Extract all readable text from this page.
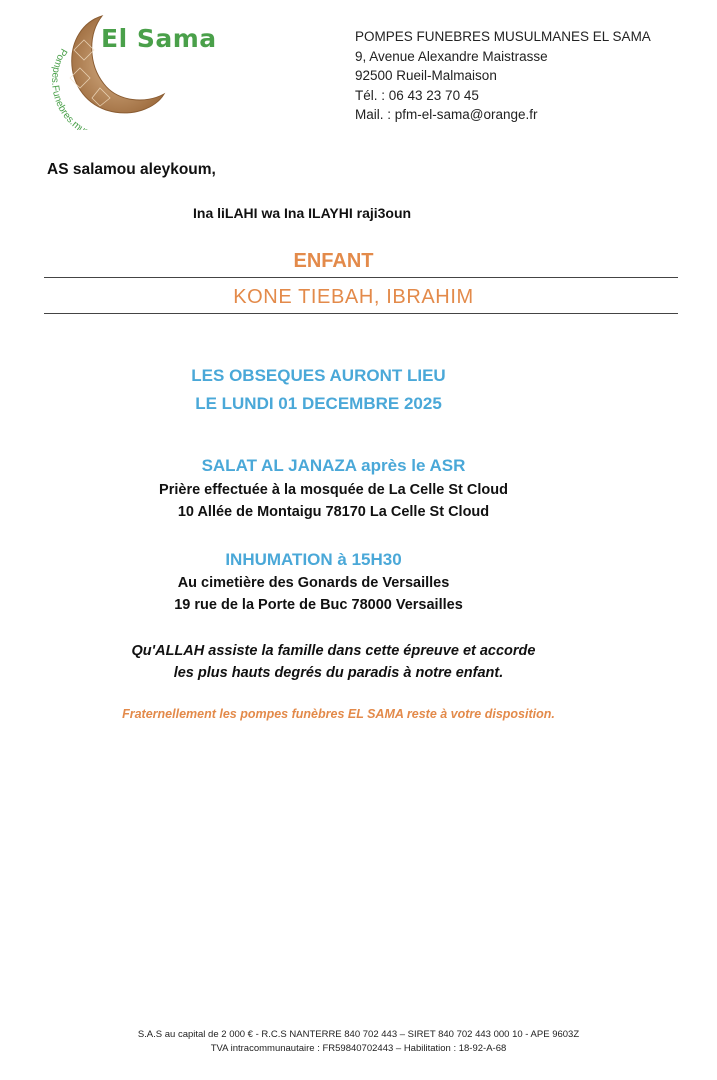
Pompes.Funebres.mu
El Sama	POMPES FUNEBRES MUSULMANES EL SAMA
9, Avenue Alexandre Maistrasse
92500 Rueil-Malmaison
Tél. : 06 43 23 70 45
Mail. : pfm-el-sama@orange.fr
AS salamou aleykoum,
Ina liLAHI wa Ina ILAYHI raji3oun
ENFANT
KONE TIEBAH, IBRAHIM
LES OBSEQUES AURONT LIEU
LE LUNDI 01 DECEMBRE 2025
SALAT AL JANAZA après le ASR
Prière effectuée à la mosquée de La Celle St Cloud
10 Allée de Montaigu 78170 La Celle St Cloud
INHUMATION à 15H30
Au cimetière des Gonards de Versailles
19 rue de la Porte de Buc 78000 Versailles
Qu'ALLAH assiste la famille dans cette épreuve et accorde
les plus hauts degrés du paradis à notre enfant.
Fraternellement les pompes funèbres EL SAMA reste à votre disposition.
S.A.S au capital de 2 000 € - R.C.S NANTERRE 840 702 443 – SIRET 840 702 443 000 10 - APE 9603Z
TVA intracommunautaire : FR59840702443 – Habilitation : 18-92-A-68
